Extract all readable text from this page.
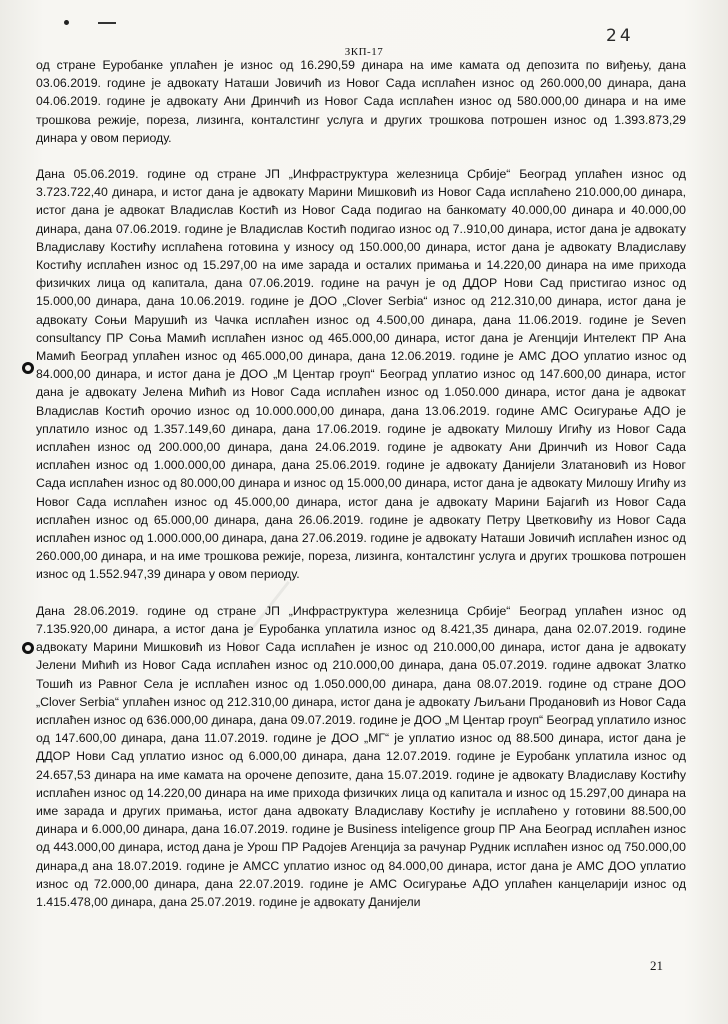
ЗКП-17
24

од стране Еуробанке уплаћен је износ од 16.290,59 динара на име камата од депозита по виђењу, дана 03.06.2019. године је адвокату Наташи Јовичић из Новог Сада исплаћен износ од 260.000,00 динара, дана 04.06.2019. године је адвокату Ани Дринчић из Новог Сада исплаћен износ од 580.000,00 динара и на име трошкова режије, пореза, лизинга, конталстинг услуга и других трошкова потрошен износ од 1.393.873,29 динара у овом периоду.

Дана 05.06.2019. године од стране ЈП „Инфраструктура железница Србије“ Београд уплаћен износ од 3.723.722,40 динара, и истог дана је адвокату Марини Мишковић из Новог Сада исплаћено 210.000,00 динара, истог дана је адвокат Владислав Костић из Новог Сада подигао на банкомату 40.000,00 динара и 40.000,00 динара, дана 07.06.2019. године је Владислав Костић подигао износ од 7..910,00 динара, истог дана је адвокату Владиславу Костићу исплаћена готовина у износу од 150.000,00 динара, истог дана је адвокату Владиславу Костићу исплаћен износ од 15.297,00 на име зарада и осталих примања и 14.220,00 динара на име прихода физичких лица од капитала, дана 07.06.2019. године на рачун је од ДДОР Нови Сад пристигао износ од 15.000,00 динара, дана 10.06.2019. године је ДОО „Clover Serbia“ износ од 212.310,00 динара, истог дана је адвокату Соњи Марушић из Чачка исплаћен износ од 4.500,00 динара, дана 11.06.2019. године је Seven consultancy ПР Соња Мамић исплаћен износ од 465.000,00 динара, истог дана је Агенцији Интелект ПР Ана Мамић Београд уплаћен износ од 465.000,00 динара, дана 12.06.2019. године је АМС ДОО уплатио износ од 84.000,00 динара, и истог дана је ДОО „М Центар гроуп“ Београд уплатио износ од 147.600,00 динара, истог дана је адвокату Јелена Мићић из Новог Сада исплаћен износ од 1.050.000 динара, истог дана је адвокат Владислав Костић орочио износ од 10.000.000,00 динара, дана 13.06.2019. године АМС Осигурање АДО је уплатило износ од 1.357.149,60 динара, дана 17.06.2019. године је адвокату Милошу Игићу из Новог Сада исплаћен износ од 200.000,00 динара, дана 24.06.2019. године је адвокату Ани Дринчић из Новог Сада исплаћен износ од 1.000.000,00 динара, дана 25.06.2019. године је адвокату Данијели Златановић из Новог Сада исплаћен износ од 80.000,00 динара и износ од 15.000,00 динара, истог дана је адвокату Милошу Игићу из Новог Сада исплаћен износ од 45.000,00 динара, истог дана је адвокату Марини Бајагић из Новог Сада исплаћен износ од 65.000,00 динара, дана 26.06.2019. године је адвокату Петру Цветковићу из Новог Сада исплаћен износ од 1.000.000,00 динара, дана 27.06.2019. године је адвокату Наташи Јовичић исплаћен износ од 260.000,00 динара, и на име трошкова режије, пореза, лизинга, конталстинг услуга и других трошкова потрошен износ од 1.552.947,39 динара у овом периоду.

Дана 28.06.2019. године од стране ЈП „Инфраструктура железница Србије“ Београд уплаћен износ од 7.135.920,00 динара, а истог дана је Еуробанка уплатила износ од 8.421,35 динара, дана 02.07.2019. године адвокату Марини Мишковић из Новог Сада исплаћен је износ од 210.000,00 динара, истог дана је адвокату Јелени Мићић из Новог Сада исплаћен износ од 210.000,00 динара, дана 05.07.2019. године адвокат Златко Тошић из Равног Села је исплаћен износ од 1.050.000,00 динара, дана 08.07.2019. године од стране ДОО „Clover Serbia“ уплаћен износ од 212.310,00 динара, истог дана је адвокату Љиљани Продановић из Новог Сада исплаћен износ од 636.000,00 динара, дана 09.07.2019. године је ДОО „М Центар гроуп“ Београд уплатило износ од 147.600,00 динара, дана 11.07.2019. године је ДОО „МГ“ је уплатио износ од 88.500 динара, истог дана је ДДОР Нови Сад уплатио износ од 6.000,00 динара, дана 12.07.2019. године је Еуробанк уплатила износ од 24.657,53 динара на име камата на орочене депозите, дана 15.07.2019. године је адвокату Владиславу Костићу исплаћен износ од 14.220,00 динара на име прихода физичких лица од капитала и износ од 15.297,00 динара на име зарада и других примања, истог дана адвокату Владиславу Костићу је исплаћено у готовини 88.500,00 динара и 6.000,00 динара, дана 16.07.2019. године је Business inteligence group ПР Ана Београд исплаћен износ од 443.000,00 динара, истод дана је Урош ПР Радојев Агенција за рачунар Рудник исплаћен износ од 750.000,00 динара,д ана 18.07.2019. године је АМСС уплатио износ од 84.000,00 динара, истог дана је АМС ДОО уплатио износ од 72.000,00 динара, дана 22.07.2019. године је АМС Осигурање АДО уплаћен канцеларији износ од 1.415.478,00 динара, дана 25.07.2019. године је адвокату Данијели

21
